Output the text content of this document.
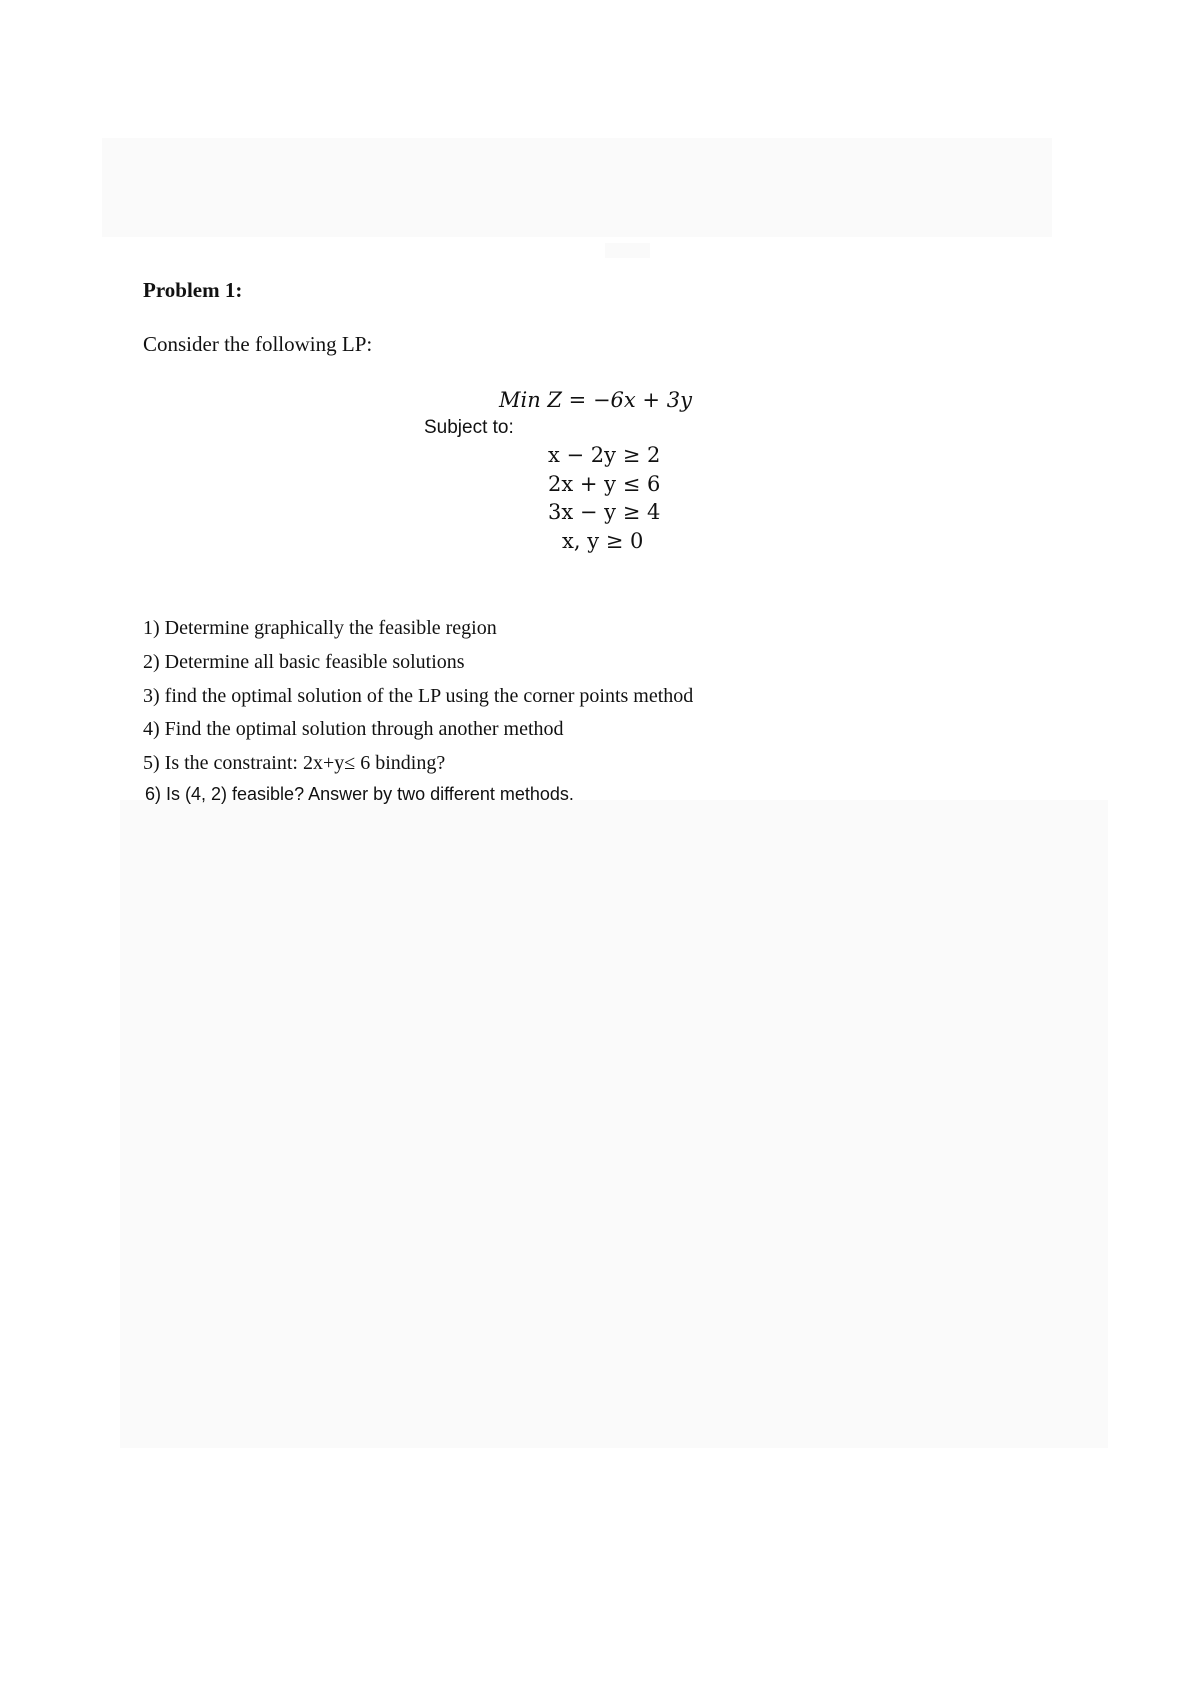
Problem 1:
Consider the following LP:
Min Z = −6x + 3y
Subject to:
x − 2y ≥ 2
2x + y ≤ 6
3x − y ≥ 4
x, y ≥ 0
1) Determine graphically the feasible region
2) Determine all basic feasible solutions
3) find the optimal solution of the LP using the corner points method
4) Find the optimal solution through another method
5) Is the constraint: 2x+y≤ 6 binding?
6) Is (4, 2) feasible? Answer by two different methods.
